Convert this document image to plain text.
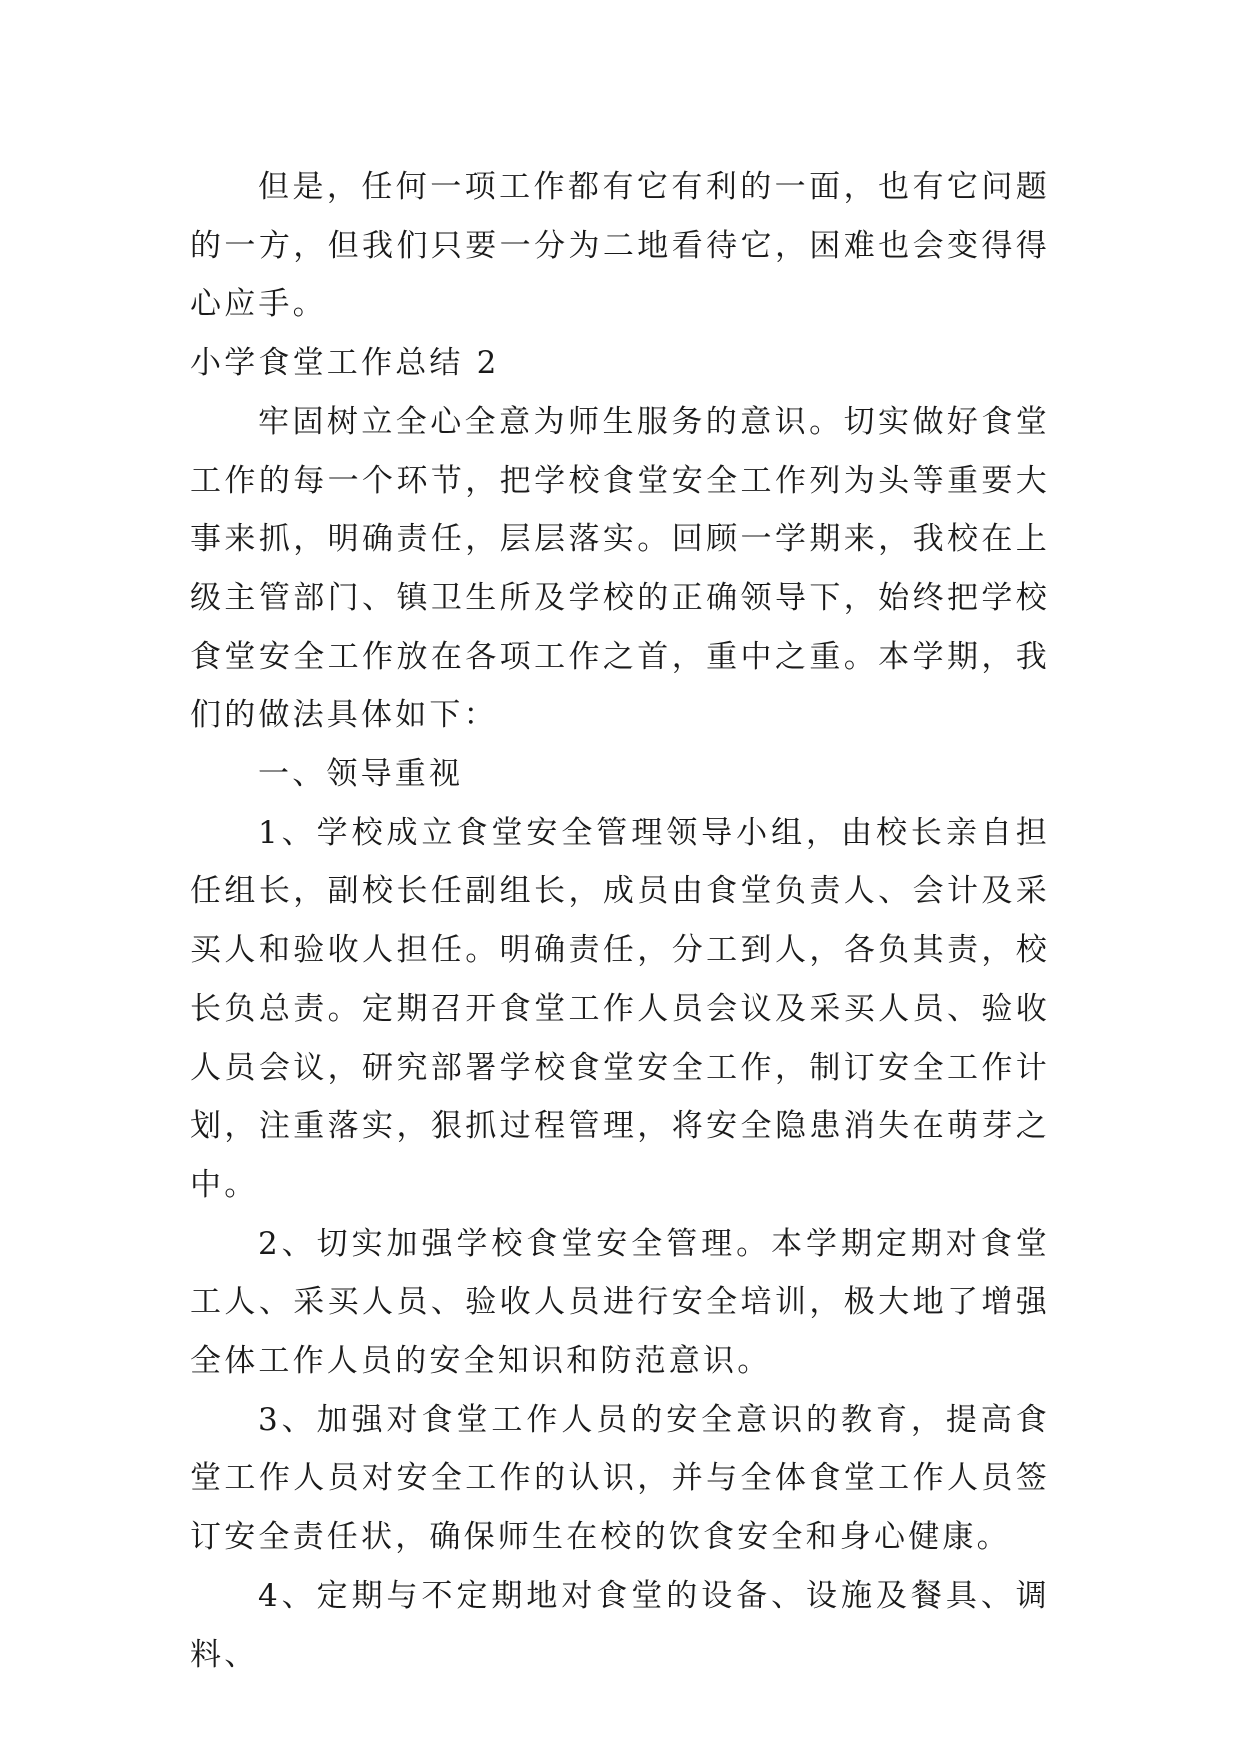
但是，任何一项工作都有它有利的一面，也有它问题的一方，但我们只要一分为二地看待它，困难也会变得得心应手。

小学食堂工作总结 2

牢固树立全心全意为师生服务的意识。切实做好食堂工作的每一个环节，把学校食堂安全工作列为头等重要大事来抓，明确责任，层层落实。回顾一学期来，我校在上级主管部门、镇卫生所及学校的正确领导下，始终把学校食堂安全工作放在各项工作之首，重中之重。本学期，我们的做法具体如下：

一、领导重视

1、学校成立食堂安全管理领导小组，由校长亲自担任组长，副校长任副组长，成员由食堂负责人、会计及采买人和验收人担任。明确责任，分工到人，各负其责，校长负总责。定期召开食堂工作人员会议及采买人员、验收人员会议，研究部署学校食堂安全工作，制订安全工作计划，注重落实，狠抓过程管理，将安全隐患消失在萌芽之中。

2、切实加强学校食堂安全管理。本学期定期对食堂工人、采买人员、验收人员进行安全培训，极大地了增强全体工作人员的安全知识和防范意识。

3、加强对食堂工作人员的安全意识的教育，提高食堂工作人员对安全工作的认识，并与全体食堂工作人员签订安全责任状，确保师生在校的饮食安全和身心健康。

4、定期与不定期地对食堂的设备、设施及餐具、调料、
